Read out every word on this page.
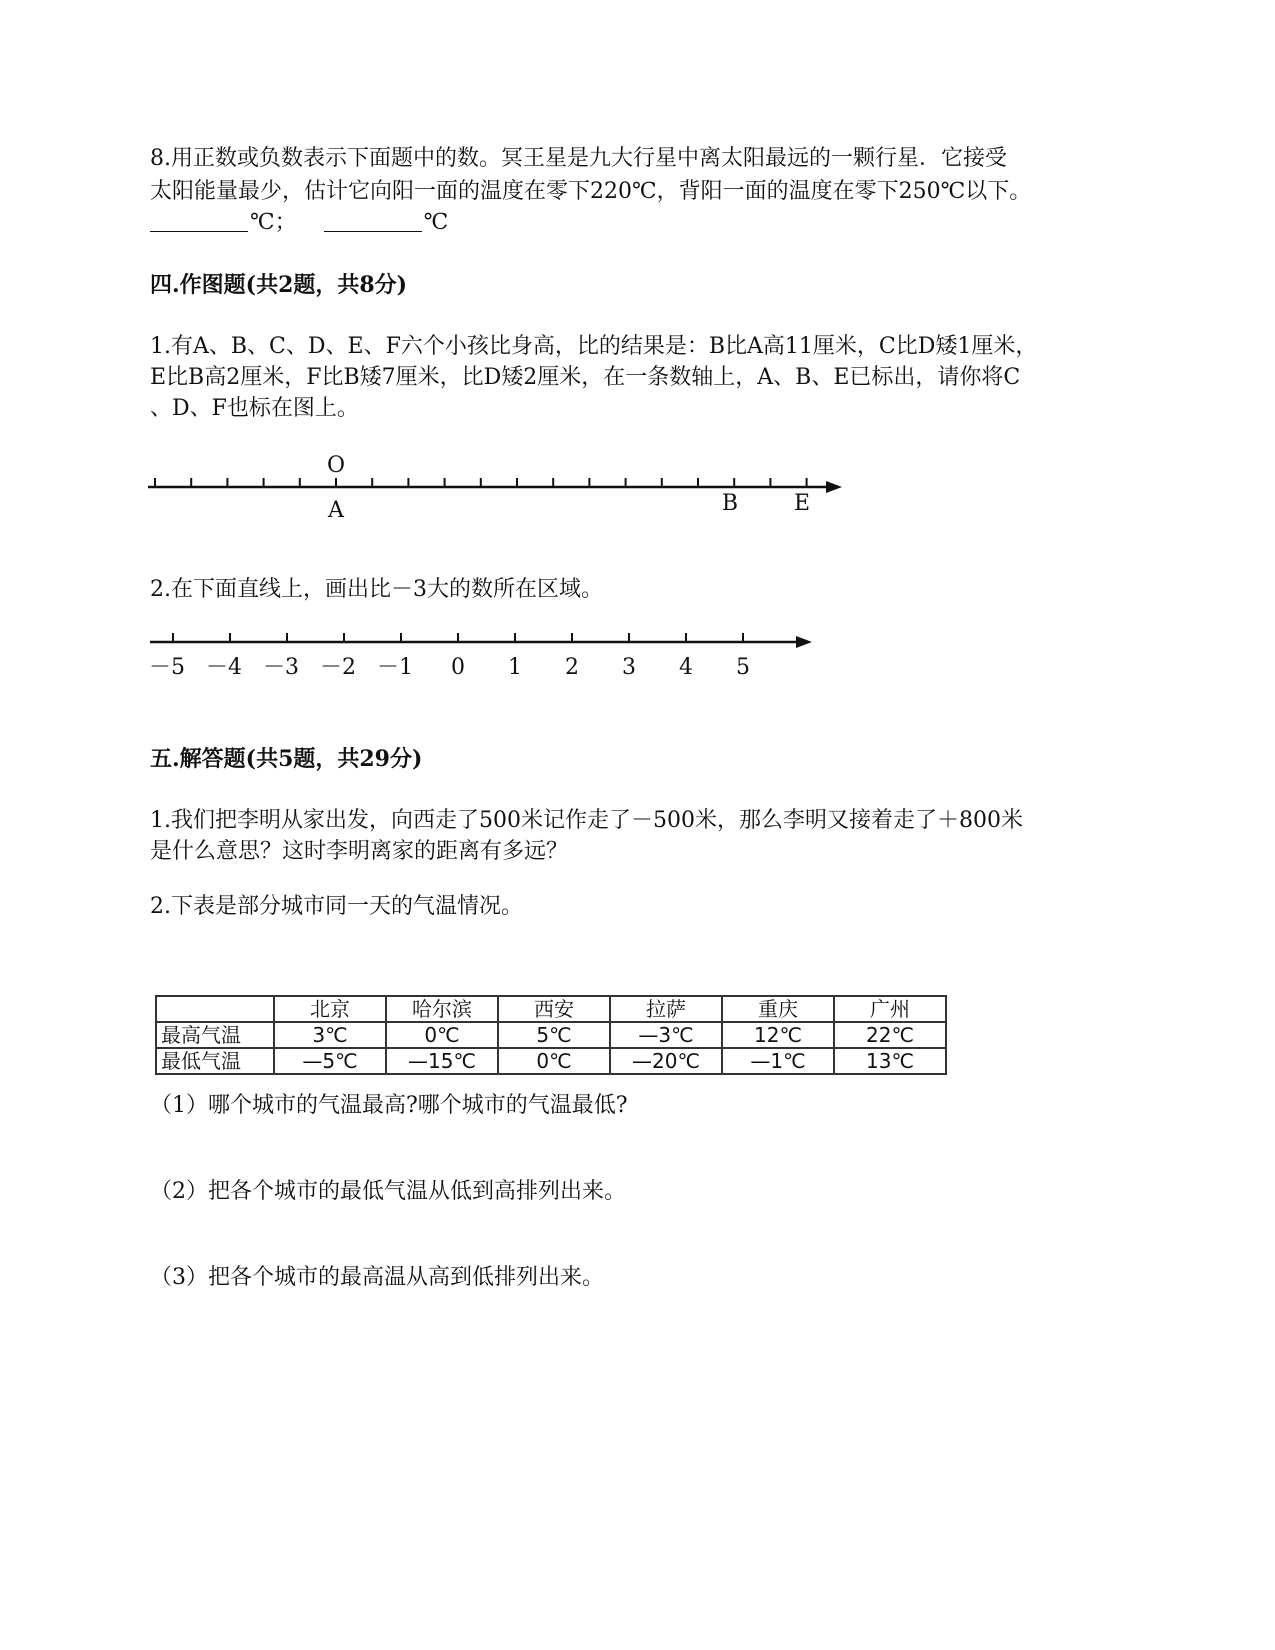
8.用正数或负数表示下面题中的数。冥王星是九大行星中离太阳最远的一颗行星．它接受

太阳能量最少，估计它向阳一面的温度在零下220℃，背阳一面的温度在零下250℃以下。

℃；	℃

四.作图题(共2题，共8分)

1.有A、B、C、D、E、F六个小孩比身高，比的结果是：B比A高11厘米，C比D矮1厘米，

E比B高2厘米，F比B矮7厘米，比D矮2厘米，在一条数轴上，A、B、E已标出，请你将C

、D、F也标在图上。

O
A	B	E

2.在下面直线上，画出比－3大的数所在区域。

－5 －4 －3 －2 －1 0 1 2 3 4 5

五.解答题(共5题，共29分)

1.我们把李明从家出发，向西走了500米记作走了－500米，那么李明又接着走了＋800米

是什么意思？这时李明离家的距离有多远？

2.下表是部分城市同一天的气温情况。

	北京	哈尔滨	西安	拉萨	重庆	广州
最高气温	3℃	0℃	5℃	—3℃	12℃	22℃
最低气温	—5℃	—15℃	0℃	—20℃	—1℃	13℃

（1）哪个城市的气温最高?哪个城市的气温最低?

（2）把各个城市的最低气温从低到高排列出来。

（3）把各个城市的最高温从高到低排列出来。
